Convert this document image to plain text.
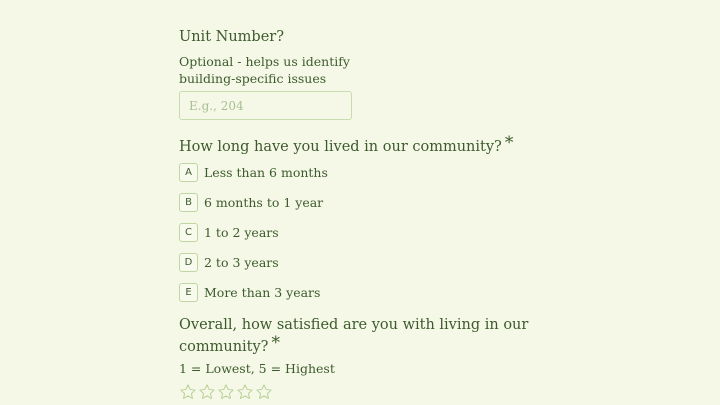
Unit Number?
Optional - helps us identify
building-specific issues
E.g., 204
How long have you lived in our community? *
A Less than 6 months
B 6 months to 1 year
C 1 to 2 years
D 2 to 3 years
E More than 3 years
Overall, how satisfied are you with living in our
community? *
1 = Lowest, 5 = Highest
